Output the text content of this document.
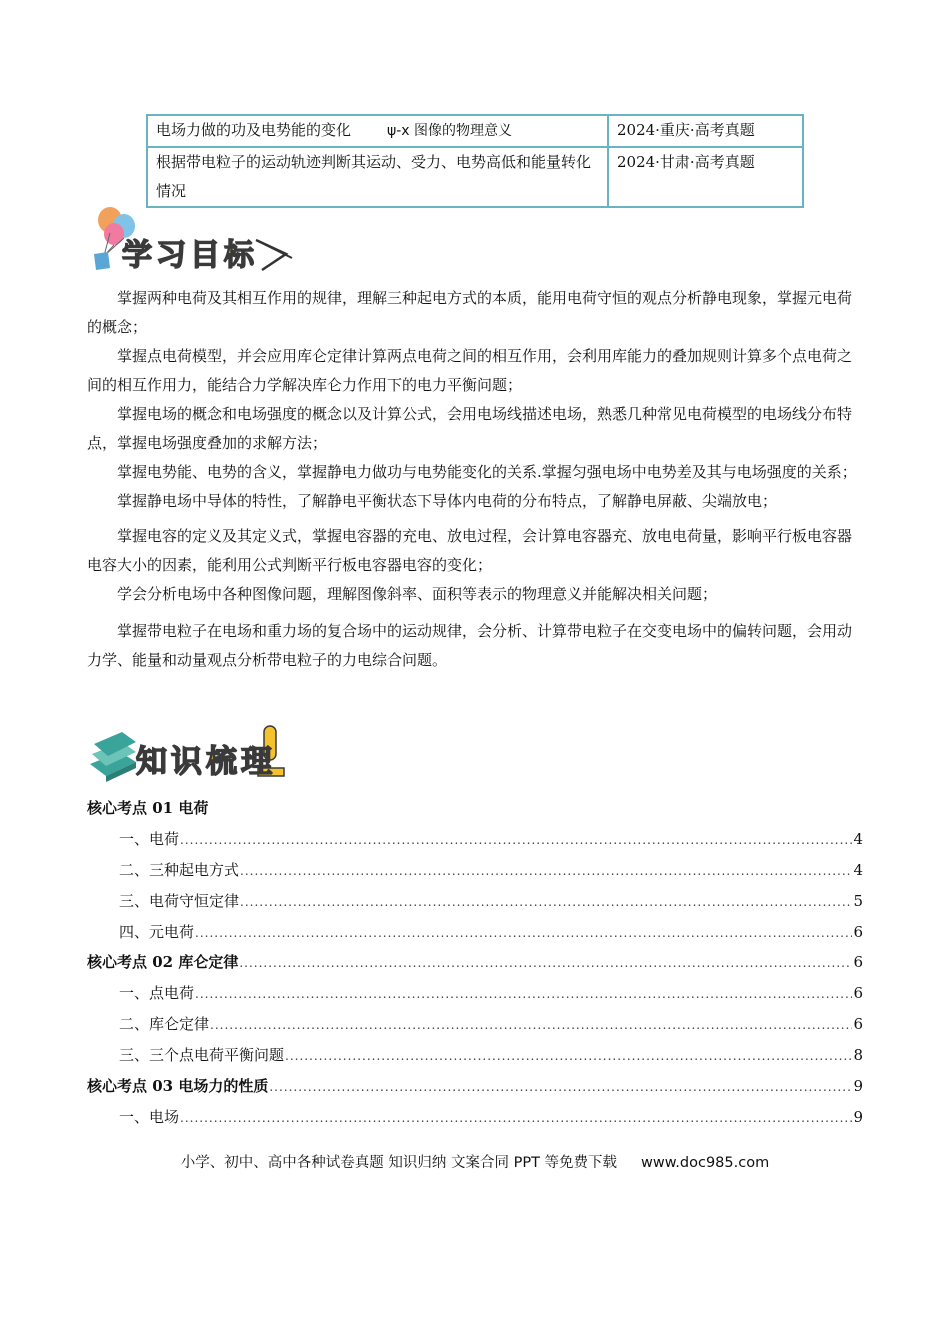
电场力做的功及电势能的变化 ψ-x 图像的物理意义	2024·重庆·高考真题
根据带电粒子的运动轨迹判断其运动、受力、电势高低和能量转化情况	2024·甘肃·高考真题
学习目标

掌握两种电荷及其相互作用的规律，理解三种起电方式的本质，能用电荷守恒的观点分析静电现象，掌握元电荷的概念；

掌握点电荷模型，并会应用库仑定律计算两点电荷之间的相互作用，会利用库能力的叠加规则计算多个点电荷之间的相互作用力，能结合力学解决库仑力作用下的电力平衡问题；

掌握电场的概念和电场强度的概念以及计算公式，会用电场线描述电场，熟悉几种常见电荷模型的电场线分布特点，掌握电场强度叠加的求解方法；

掌握电势能、电势的含义，掌握静电力做功与电势能变化的关系.掌握匀强电场中电势差及其与电场强度的关系；

掌握静电场中导体的特性，了解静电平衡状态下导体内电荷的分布特点，了解静电屏蔽、尖端放电；

掌握电容的定义及其定义式，掌握电容器的充电、放电过程，会计算电容器充、放电电荷量，影响平行板电容器电容大小的因素，能利用公式判断平行板电容器电容的变化；

学会分析电场中各种图像问题，理解图像斜率、面积等表示的物理意义并能解决相关问题；

掌握带电粒子在电场和重力场的复合场中的运动规律，会分析、计算带电粒子在交变电场中的偏转问题，会用动力学、能量和动量观点分析带电粒子的力电综合问题。

知识梳理
核心考点 01 电荷
一、电荷 .....	4
二、三种起电方式 .....	4
三、电荷守恒定律 .....	5
四、元电荷 .....	6
核心考点 02 库仑定律 .....	6
一、点电荷 .....	6
二、库仑定律 .....	6
三、三个点电荷平衡问题 .....	8
核心考点 03 电场力的性质 .....	9
一、电场 .....	9
小学、初中、高中各种试卷真题 知识归纳 文案合同 PPT 等免费下载 www.doc985.com
